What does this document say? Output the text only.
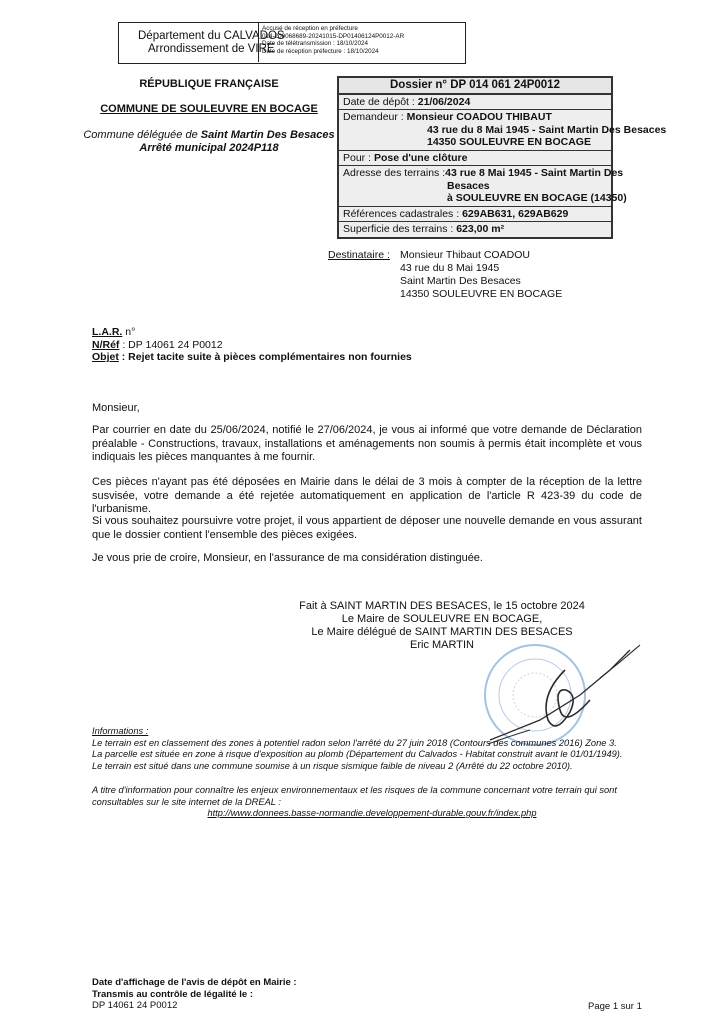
Département du CALVADOS
Arrondissement de VIRE
Accusé de réception en préfecture
014-200068689-20241015-DP01406124P0012-AR
Date de télétransmission : 18/10/2024
Date de réception préfecture : 18/10/2024
RÉPUBLIQUE FRANÇAISE
COMMUNE DE SOULEUVRE EN BOCAGE
Commune déléguée de Saint Martin Des Besaces
Arrêté municipal 2024P118
Dossier n° DP 014 061 24P0012
Date de dépôt : 21/06/2024
Demandeur : Monsieur COADOU THIBAUT
43 rue du 8 Mai 1945 - Saint Martin Des Besaces
14350 SOULEUVRE EN BOCAGE
Pour : Pose d'une clôture
Adresse des terrains :43 rue 8 Mai 1945 - Saint Martin Des
Besaces
à SOULEUVRE EN BOCAGE (14350)
Références cadastrales : 629AB631, 629AB629
Superficie des terrains : 623,00 m²
Destinataire : Monsieur Thibaut COADOU
43 rue du 8 Mai 1945
Saint Martin Des Besaces
14350 SOULEUVRE EN BOCAGE
L.A.R. n°
N/Réf : DP 14061 24 P0012
Objet : Rejet tacite suite à pièces complémentaires non fournies
Monsieur,
Par courrier en date du 25/06/2024, notifié le 27/06/2024, je vous ai informé que votre demande de Déclaration préalable - Constructions, travaux, installations et aménagements non soumis à permis était incomplète et vous indiquais les pièces manquantes à me fournir.
Ces pièces n'ayant pas été déposées en Mairie dans le délai de 3 mois à compter de la réception de la lettre susvisée, votre demande a été rejetée automatiquement en application de l'article R 423-39 du code de l'urbanisme.
Si vous souhaitez poursuivre votre projet, il vous appartient de déposer une nouvelle demande en vous assurant que le dossier contient l'ensemble des pièces exigées.
Je vous prie de croire, Monsieur, en l'assurance de ma considération distinguée.
Fait à SAINT MARTIN DES BESACES, le 15 octobre 2024
Le Maire de SOULEUVRE EN BOCAGE,
Le Maire délégué de SAINT MARTIN DES BESACES
Eric MARTIN
Informations :
Le terrain est en classement des zones à potentiel radon selon l'arrêté du 27 juin 2018 (Contours des communes 2016) Zone 3.
La parcelle est située en zone à risque d'exposition au plomb (Département du Calvados - Habitat construit avant le 01/01/1949).
Le terrain est situé dans une commune soumise à un risque sismique faible de niveau 2 (Arrêté du 22 octobre 2010).
A titre d'information pour connaître les enjeux environnementaux et les risques de la commune concernant votre terrain qui sont consultables sur le site internet de la DREAL :
http://www.donnees.basse-normandie.developpement-durable.gouv.fr/index.php
Date d'affichage de l'avis de dépôt en Mairie :
Transmis au contrôle de légalité le :
DP 14061 24 P0012	Page 1 sur 1
